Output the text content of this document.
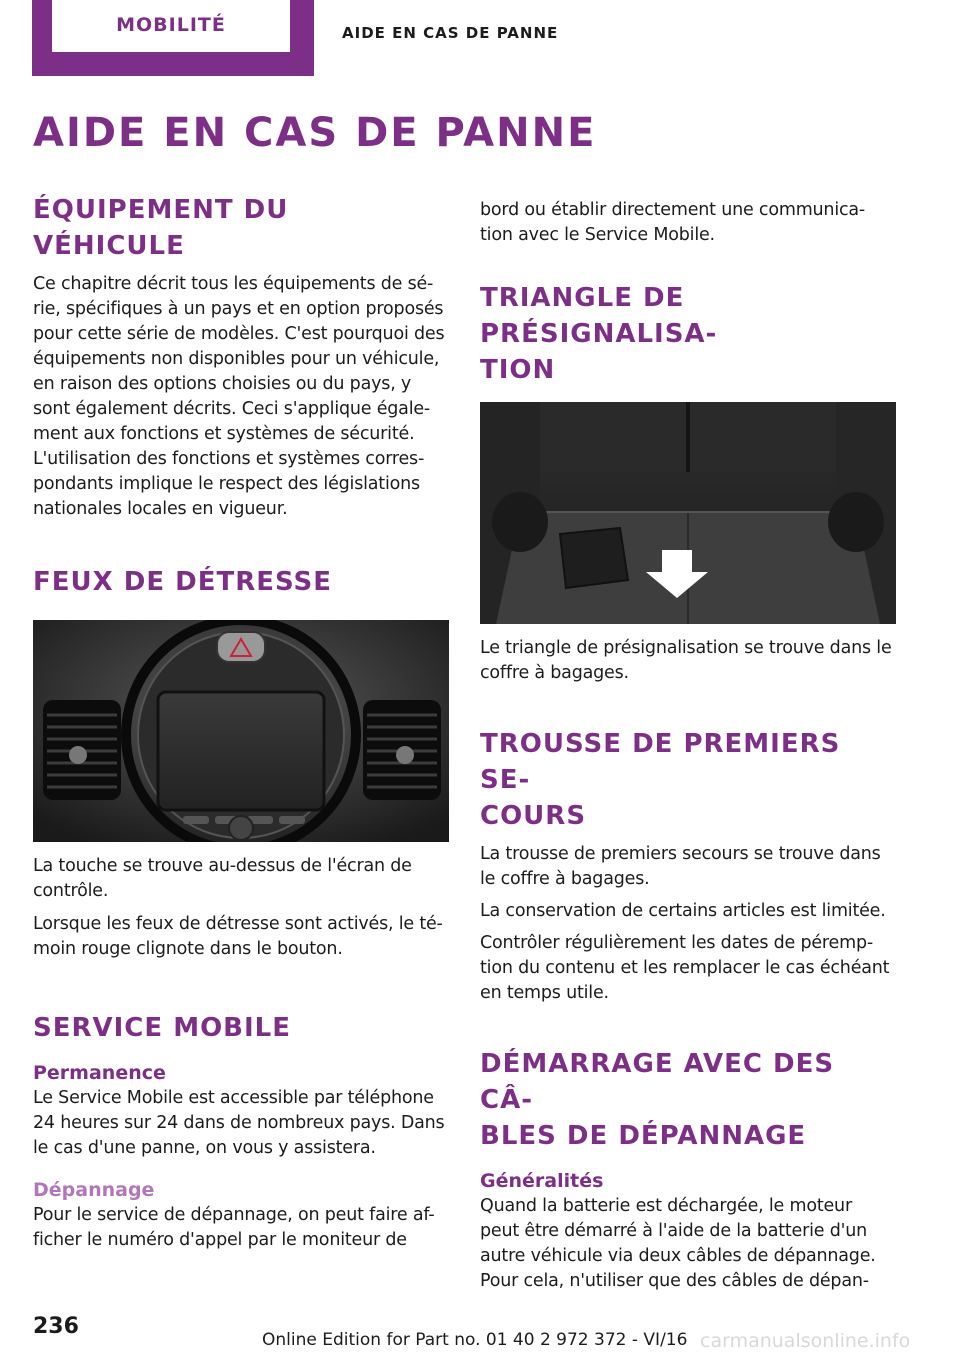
MOBILITÉ	AIDE EN CAS DE PANNE
AIDE EN CAS DE PANNE
ÉQUIPEMENT DU VÉHICULE

Ce chapitre décrit tous les équipements de sé-
rie, spécifiques à un pays et en option proposés
pour cette série de modèles. C'est pourquoi des
équipements non disponibles pour un véhicule,
en raison des options choisies ou du pays, y
sont également décrits. Ceci s'applique égale-
ment aux fonctions et systèmes de sécurité.
L'utilisation des fonctions et systèmes corres-
pondants implique le respect des législations
nationales locales en vigueur.

FEUX DE DÉTRESSE

La touche se trouve au-dessus de l'écran de
contrôle.

Lorsque les feux de détresse sont activés, le té-
moin rouge clignote dans le bouton.

SERVICE MOBILE
Permanence

Le Service Mobile est accessible par téléphone
24 heures sur 24 dans de nombreux pays. Dans
le cas d'une panne, on vous y assistera.

Dépannage

Pour le service de dépannage, on peut faire af-
ficher le numéro d'appel par le moniteur de

bord ou établir directement une communica-
tion avec le Service Mobile.

TRIANGLE DE PRÉSIGNALISA-
TION

Le triangle de présignalisation se trouve dans le
coffre à bagages.

TROUSSE DE PREMIERS SE-
COURS

La trousse de premiers secours se trouve dans
le coffre à bagages.

La conservation de certains articles est limitée.

Contrôler régulièrement les dates de péremp-
tion du contenu et les remplacer le cas échéant
en temps utile.

DÉMARRAGE AVEC DES CÂ-
BLES DE DÉPANNAGE
Généralités

Quand la batterie est déchargée, le moteur
peut être démarré à l'aide de la batterie d'un
autre véhicule via deux câbles de dépannage.
Pour cela, n'utiliser que des câbles de dépan-

236
Online Edition for Part no. 01 40 2 972 372 - VI/16 carmanualsonline.info
